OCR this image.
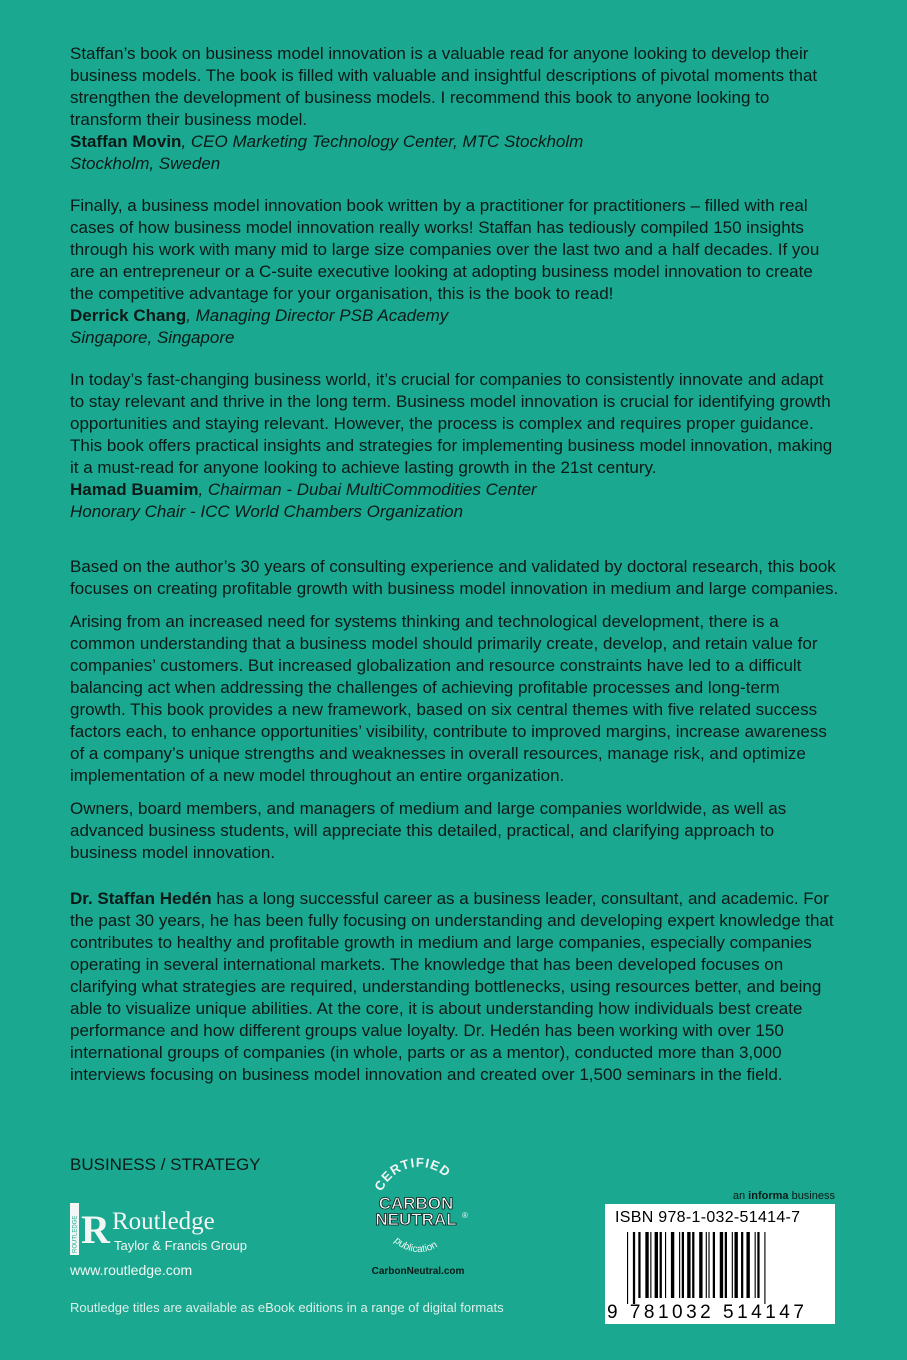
Staffan’s book on business model innovation is a valuable read for anyone looking to develop their business models. The book is filled with valuable and insightful descriptions of pivotal moments that strengthen the development of business models. I recommend this book to anyone looking to transform their business model.

Staffan Movin, CEO Marketing Technology Center, MTC Stockholm

Stockholm, Sweden

Finally, a business model innovation book written by a practitioner for practitioners – filled with real cases of how business model innovation really works! Staffan has tediously compiled 150 insights through his work with many mid to large size companies over the last two and a half decades. If you are an entrepreneur or a C-suite executive looking at adopting business model innovation to create the competitive advantage for your organisation, this is the book to read!

Derrick Chang, Managing Director PSB Academy

Singapore, Singapore

In today’s fast-changing business world, it’s crucial for companies to consistently innovate and adapt to stay relevant and thrive in the long term. Business model innovation is crucial for identifying growth opportunities and staying relevant. However, the process is complex and requires proper guidance. This book offers practical insights and strategies for implementing business model innovation, making it a must-read for anyone looking to achieve lasting growth in the 21st century.

Hamad Buamim, Chairman - Dubai MultiCommodities Center

Honorary Chair - ICC World Chambers Organization

Based on the author’s 30 years of consulting experience and validated by doctoral research, this book focuses on creating profitable growth with business model innovation in medium and large companies.

Arising from an increased need for systems thinking and technological development, there is a common understanding that a business model should primarily create, develop, and retain value for companies’ customers. But increased globalization and resource constraints have led to a difficult balancing act when addressing the challenges of achieving profitable processes and long-term growth. This book provides a new framework, based on six central themes with five related success factors each, to enhance opportunities’ visibility, contribute to improved margins, increase awareness of a company’s unique strengths and weaknesses in overall resources, manage risk, and optimize implementation of a new model throughout an entire organization.

Owners, board members, and managers of medium and large companies worldwide, as well as advanced business students, will appreciate this detailed, practical, and clarifying approach to business model innovation.

Dr. Staffan Hedén has a long successful career as a business leader, consultant, and academic. For the past 30 years, he has been fully focusing on understanding and developing expert knowledge that contributes to healthy and profitable growth in medium and large companies, especially companies operating in several international markets. The knowledge that has been developed focuses on clarifying what strategies are required, understanding bottlenecks, using resources better, and being able to visualize unique abilities. At the core, it is about understanding how individuals best create performance and how different groups value loyalty. Dr. Hedén has been working with over 150 international groups of companies (in whole, parts or as a mentor), conducted more than 3,000 interviews focusing on business model innovation and created over 1,500 seminars in the field.

BUSINESS / STRATEGY
ROUTLEDGE R Routledge
Taylor & Francis Group
www.routledge.com
Routledge titles are available as eBook editions in a range of digital formats
CERTIFIED
CARBON
NEUTRAL ®
publication
CarbonNeutral.com
an informa business
ISBN 978-1-032-51414-7
9 781032 514147
